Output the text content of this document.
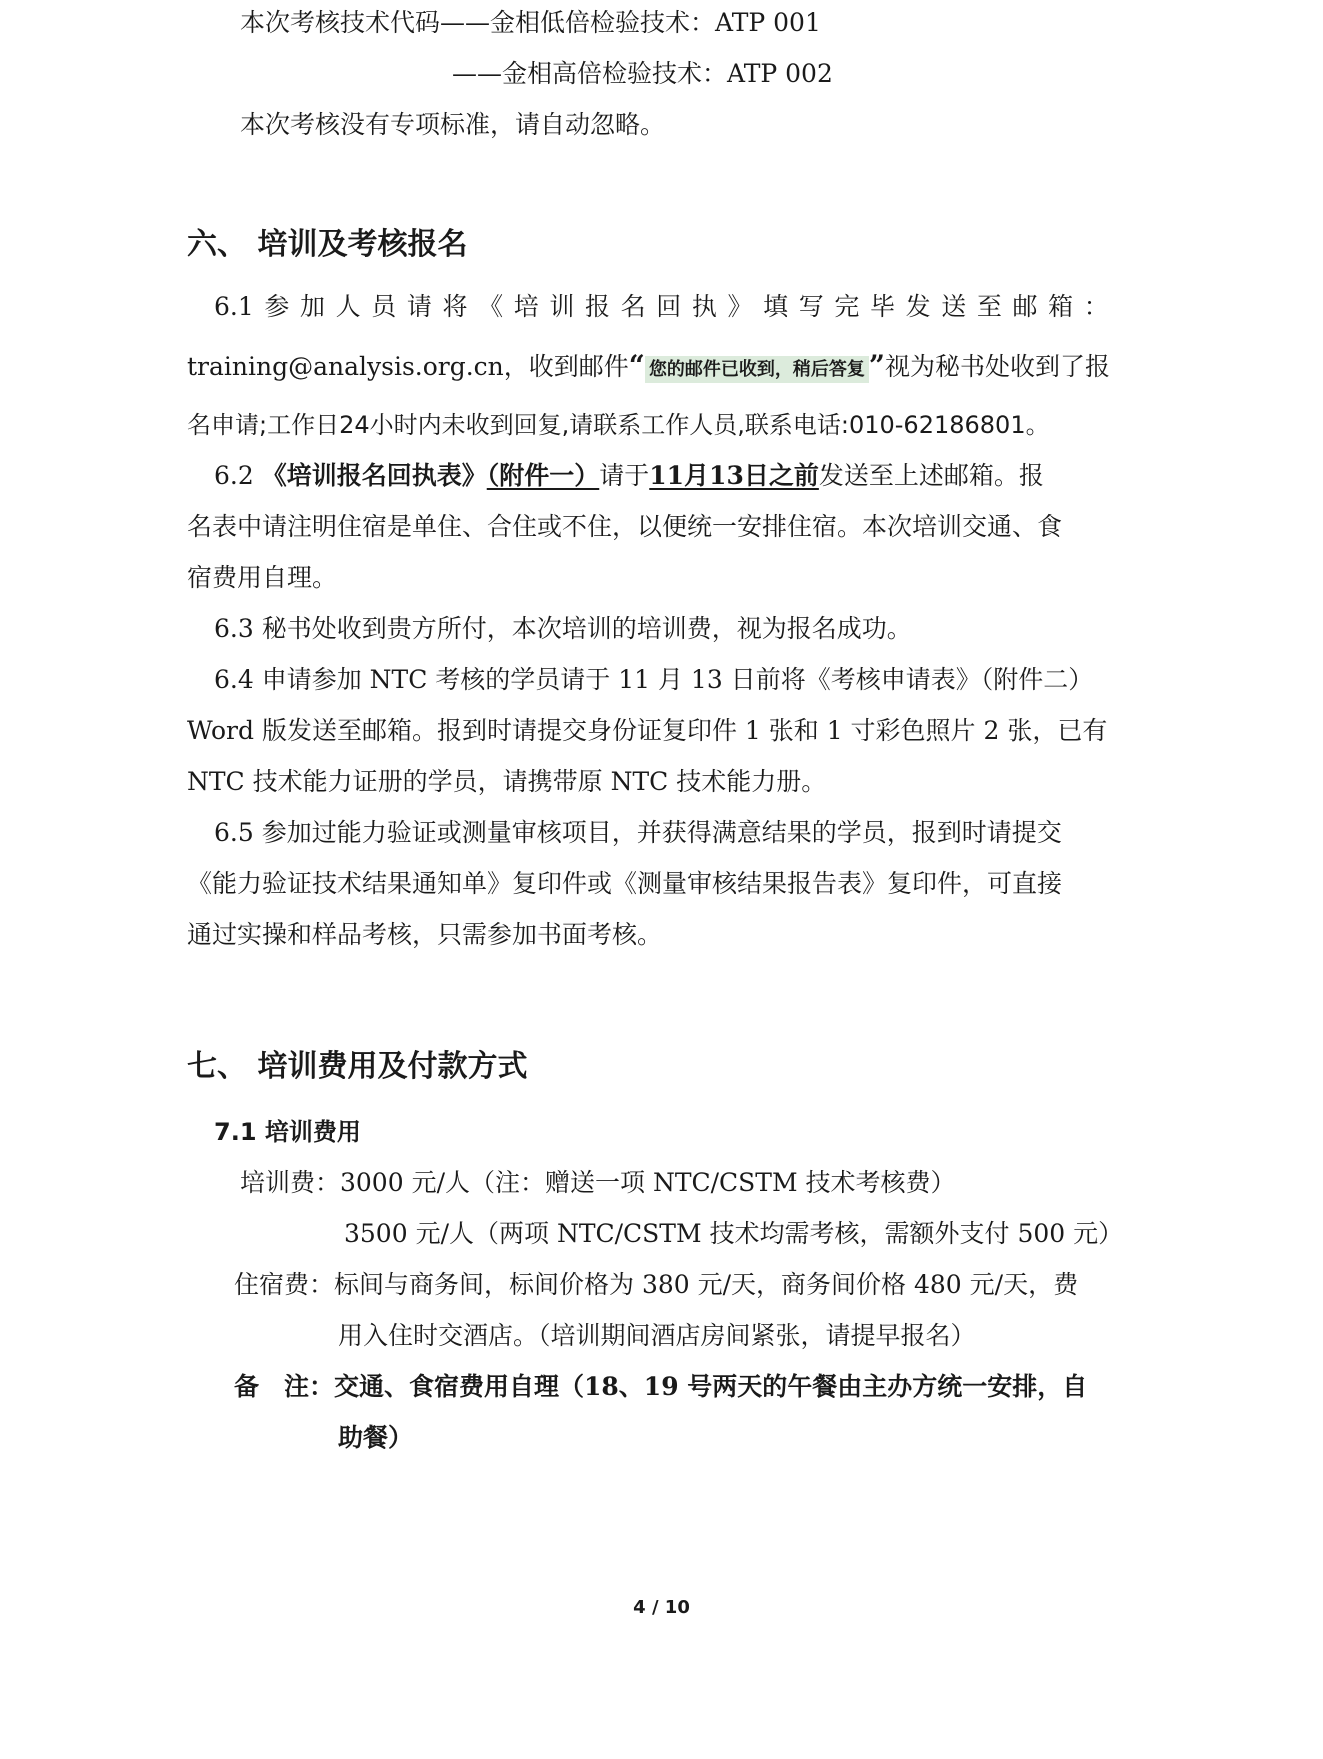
本次考核技术代码——金相低倍检验技术：ATP 001
——金相高倍检验技术：ATP 002
本次考核没有专项标准，请自动忽略。
六、 培训及考核报名
6.1 参 加 人 员 请 将 《 培 训 报 名 回 执 》 填 写 完 毕 发 送 至 邮 箱 ：
training@analysis.org.cn，收到邮件“ 您的邮件已收到，稍后答复 ”视为秘书处收到了报
名申请;工作日24小时内未收到回复,请联系工作人员,联系电话:010-62186801。
6.2 《培训报名回执表》（附件一）请于11月13日之前发送至上述邮箱。报
名表中请注明住宿是单住、合住或不住，以便统一安排住宿。本次培训交通、食
宿费用自理。
6.3 秘书处收到贵方所付，本次培训的培训费，视为报名成功。
6.4 申请参加 NTC 考核的学员请于 11 月 13 日前将《考核申请表》（附件二）
Word 版发送至邮箱。报到时请提交身份证复印件 1 张和 1 寸彩色照片 2 张，已有
NTC 技术能力证册的学员，请携带原 NTC 技术能力册。
6.5 参加过能力验证或测量审核项目，并获得满意结果的学员，报到时请提交
《能力验证技术结果通知单》复印件或《测量审核结果报告表》复印件，可直接
通过实操和样品考核，只需参加书面考核。
七、 培训费用及付款方式
7.1 培训费用
培训费：3000 元/人（注：赠送一项 NTC/CSTM 技术考核费）
3500 元/人（两项 NTC/CSTM 技术均需考核，需额外支付 500 元）
住宿费：标间与商务间，标间价格为 380 元/天，商务间价格 480 元/天，费
用入住时交酒店。（培训期间酒店房间紧张，请提早报名）
备　注：交通、食宿费用自理（18、19 号两天的午餐由主办方统一安排，自
助餐）
4 / 10
